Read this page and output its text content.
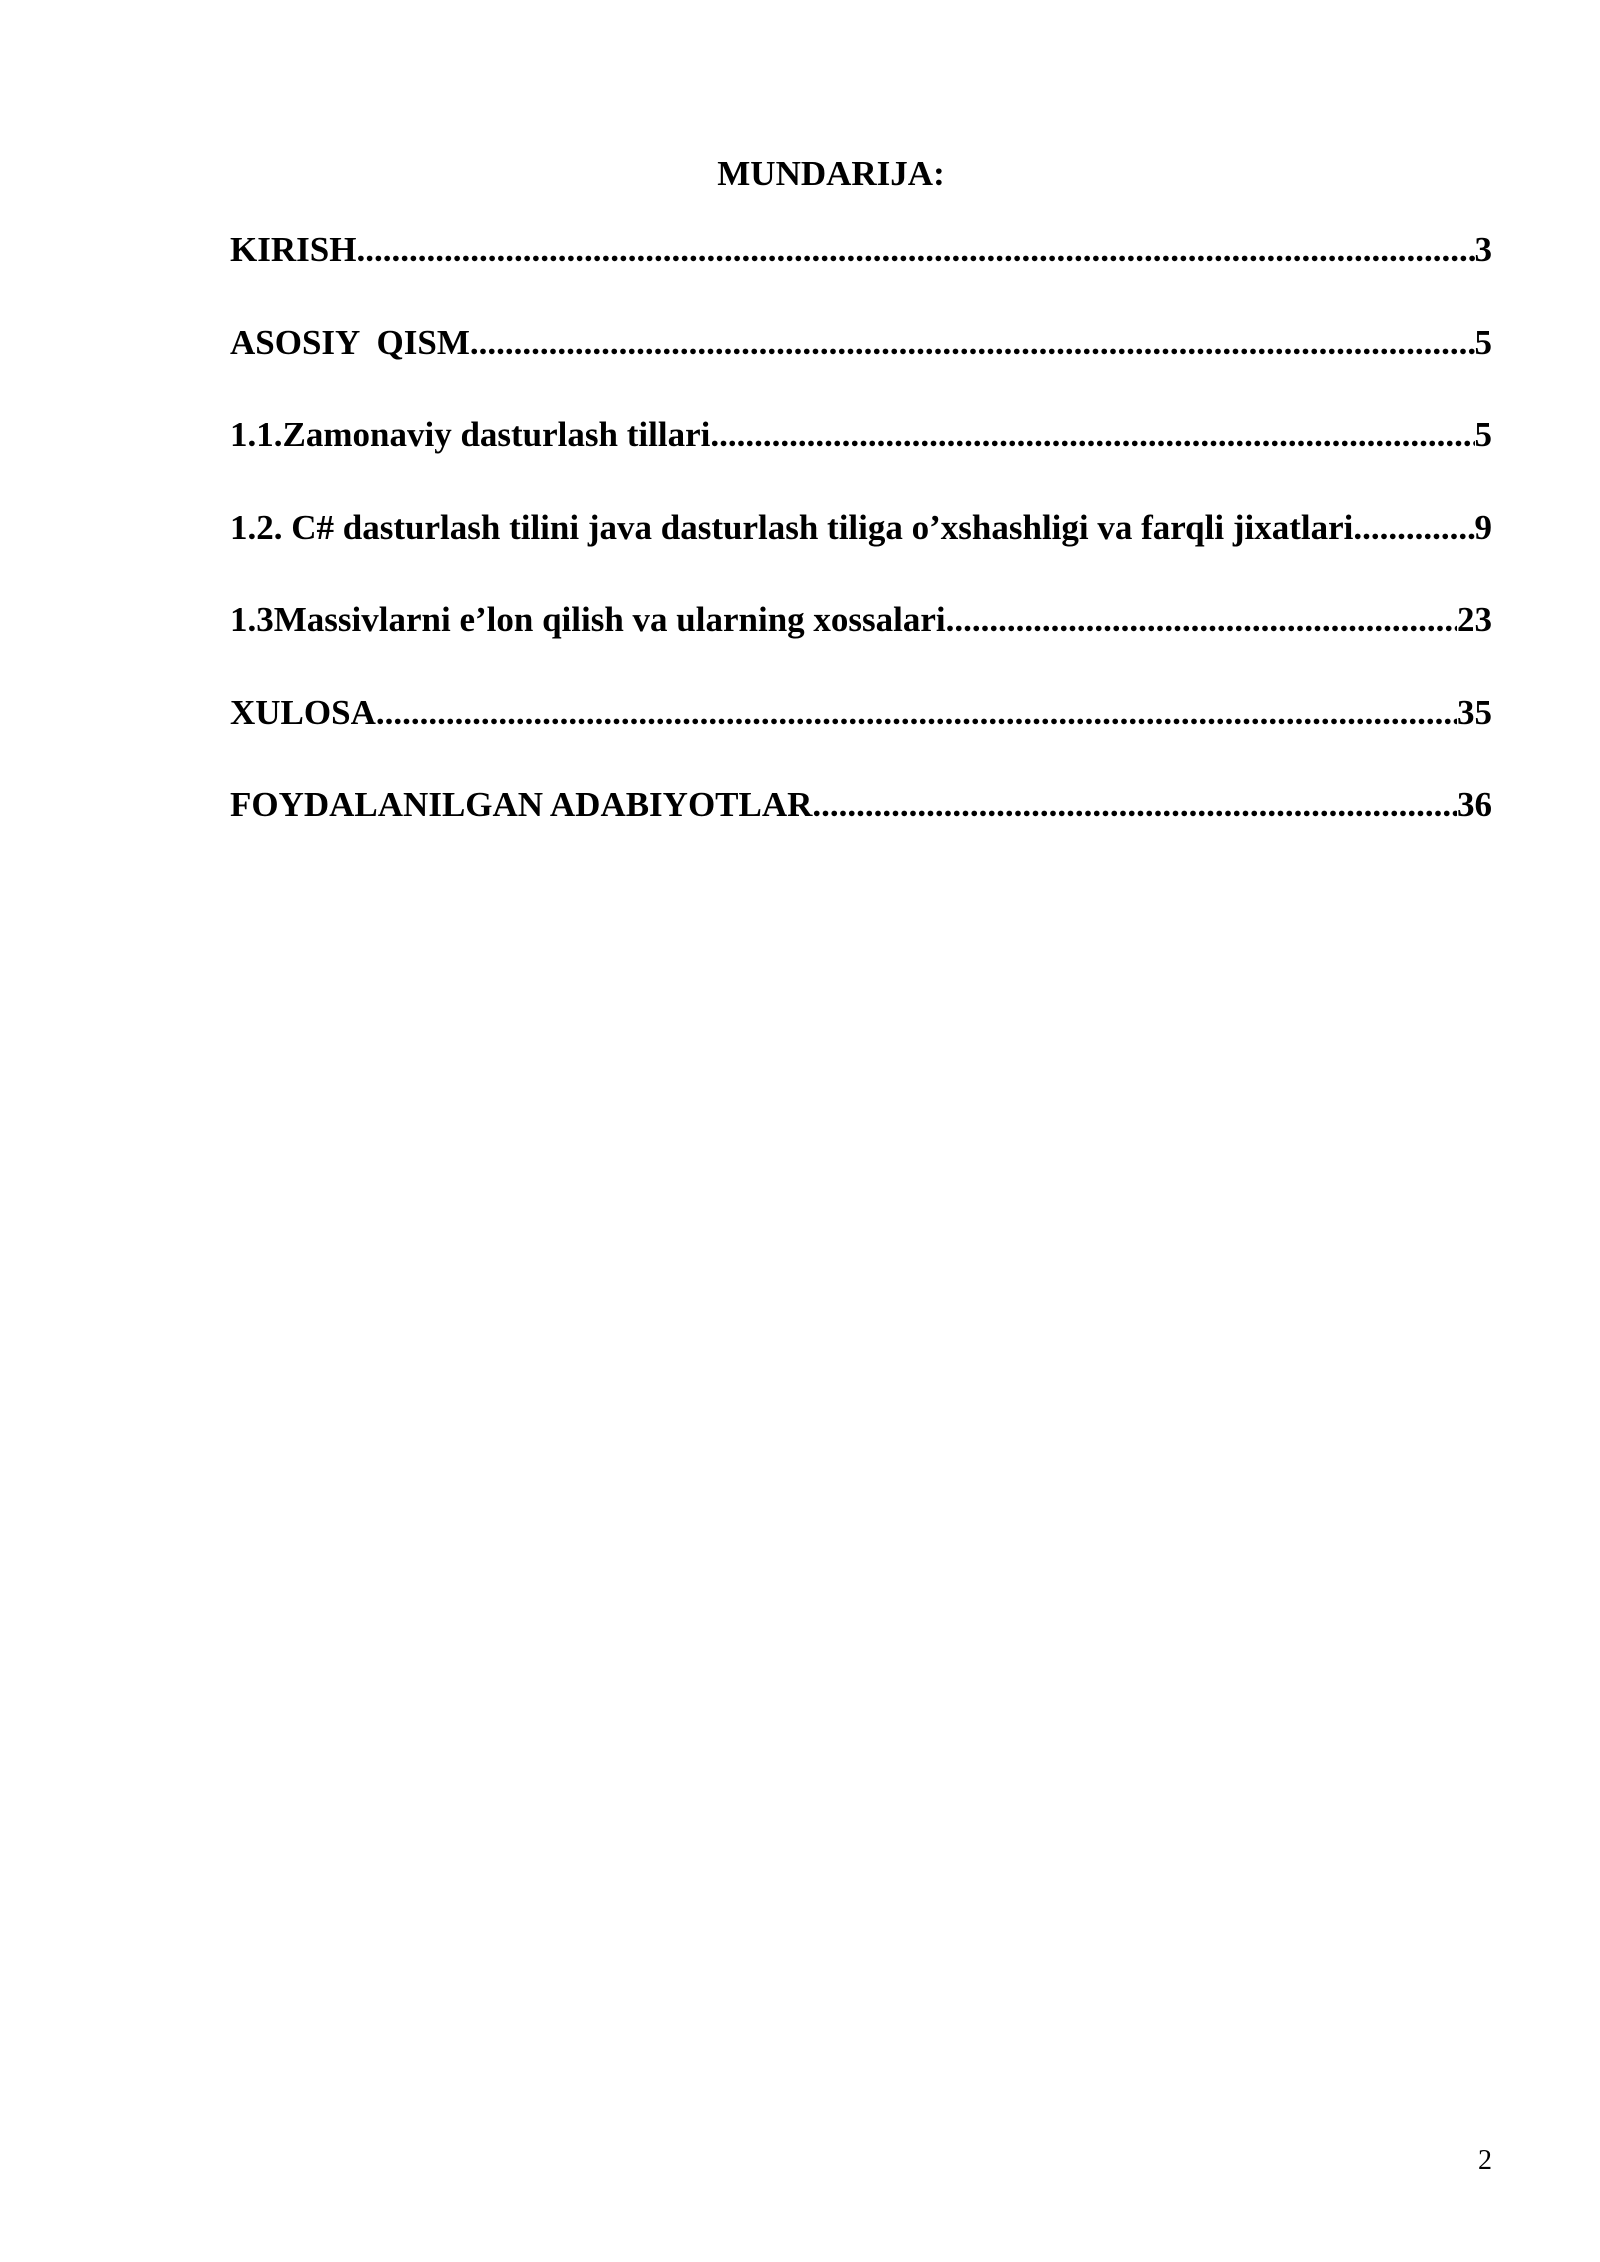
MUNDARIJA:
KIRISH .....	3
ASOSIY  QISM .....	5
1.1. Zamonaviy dasturlash tillari .....	5
1.2. C# dasturlash tilini java dasturlash tiliga o’xshashligi va farqli jixatlari .....	9
1.3Massivlarni e’lon qilish va ularning xossalari .....	23
XULOSA .....	35
FOYDALANILGAN ADABIYOTLAR .....	36
2
